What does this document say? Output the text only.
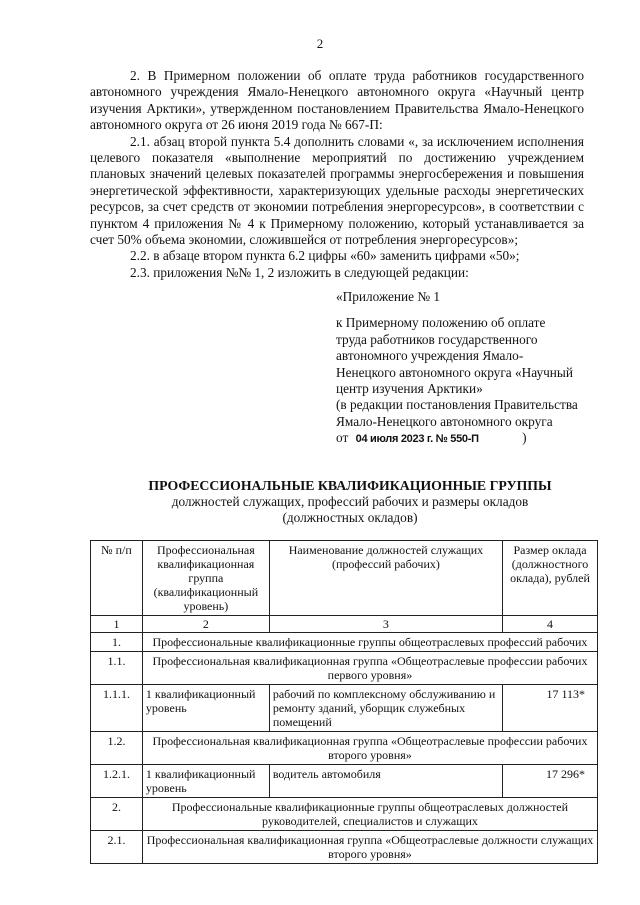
2

2. В Примерном положении об оплате труда работников государственного автономного учреждения Ямало-Ненецкого автономного округа «Научный центр изучения Арктики», утвержденном постановлением Правительства Ямало-Ненецкого автономного округа от 26 июня 2019 года № 667-П:

2.1. абзац второй пункта 5.4 дополнить словами «, за исключением исполнения целевого показателя «выполнение мероприятий по достижению учреждением плановых значений целевых показателей программы энергосбережения и повышения энергетической эффективности, характеризующих удельные расходы энергетических ресурсов, за счет средств от экономии потребления энергоресурсов», в соответствии с пунктом 4 приложения № 4 к Примерному положению, который устанавливается за счет 50% объема экономии, сложившейся от потребления энергоресурсов»;

2.2. в абзаце втором пункта 6.2 цифры «60» заменить цифрами «50»;

2.3. приложения №№ 1, 2 изложить в следующей редакции:

«Приложение № 1
к Примерному положению об оплате
труда работников государственного
автономного учреждения Ямало-
Ненецкого автономного округа «Научный
центр изучения Арктики»
(в редакции постановления Правительства
Ямало-Ненецкого автономного округа
от 04 июля 2023 г. № 550-П	)
ПРОФЕССИОНАЛЬНЫЕ КВАЛИФИКАЦИОННЫЕ ГРУППЫ
должностей служащих, профессий рабочих и размеры окладов
(должностных окладов)
№ п/п	Профессиональная квалификационная группа (квалификационный уровень)	Наименование должностей служащих (профессий рабочих)	Размер оклада (должностного оклада), рублей
1	2	3	4
1.	Профессиональные квалификационные группы общеотраслевых профессий рабочих		
1.1.	Профессиональная квалификационная группа «Общеотраслевые профессии рабочих первого уровня»		
1.1.1.	1 квалификационный уровень	рабочий по комплексному обслуживанию и ремонту зданий, уборщик служебных помещений	17 113*
1.2.	Профессиональная квалификационная группа «Общеотраслевые профессии рабочих второго уровня»		
1.2.1.	1 квалификационный уровень	водитель автомобиля	17 296*
2.	Профессиональные квалификационные группы общеотраслевых должностей руководителей, специалистов и служащих		
2.1.	Профессиональная квалификационная группа «Общеотраслевые должности служащих второго уровня»		
